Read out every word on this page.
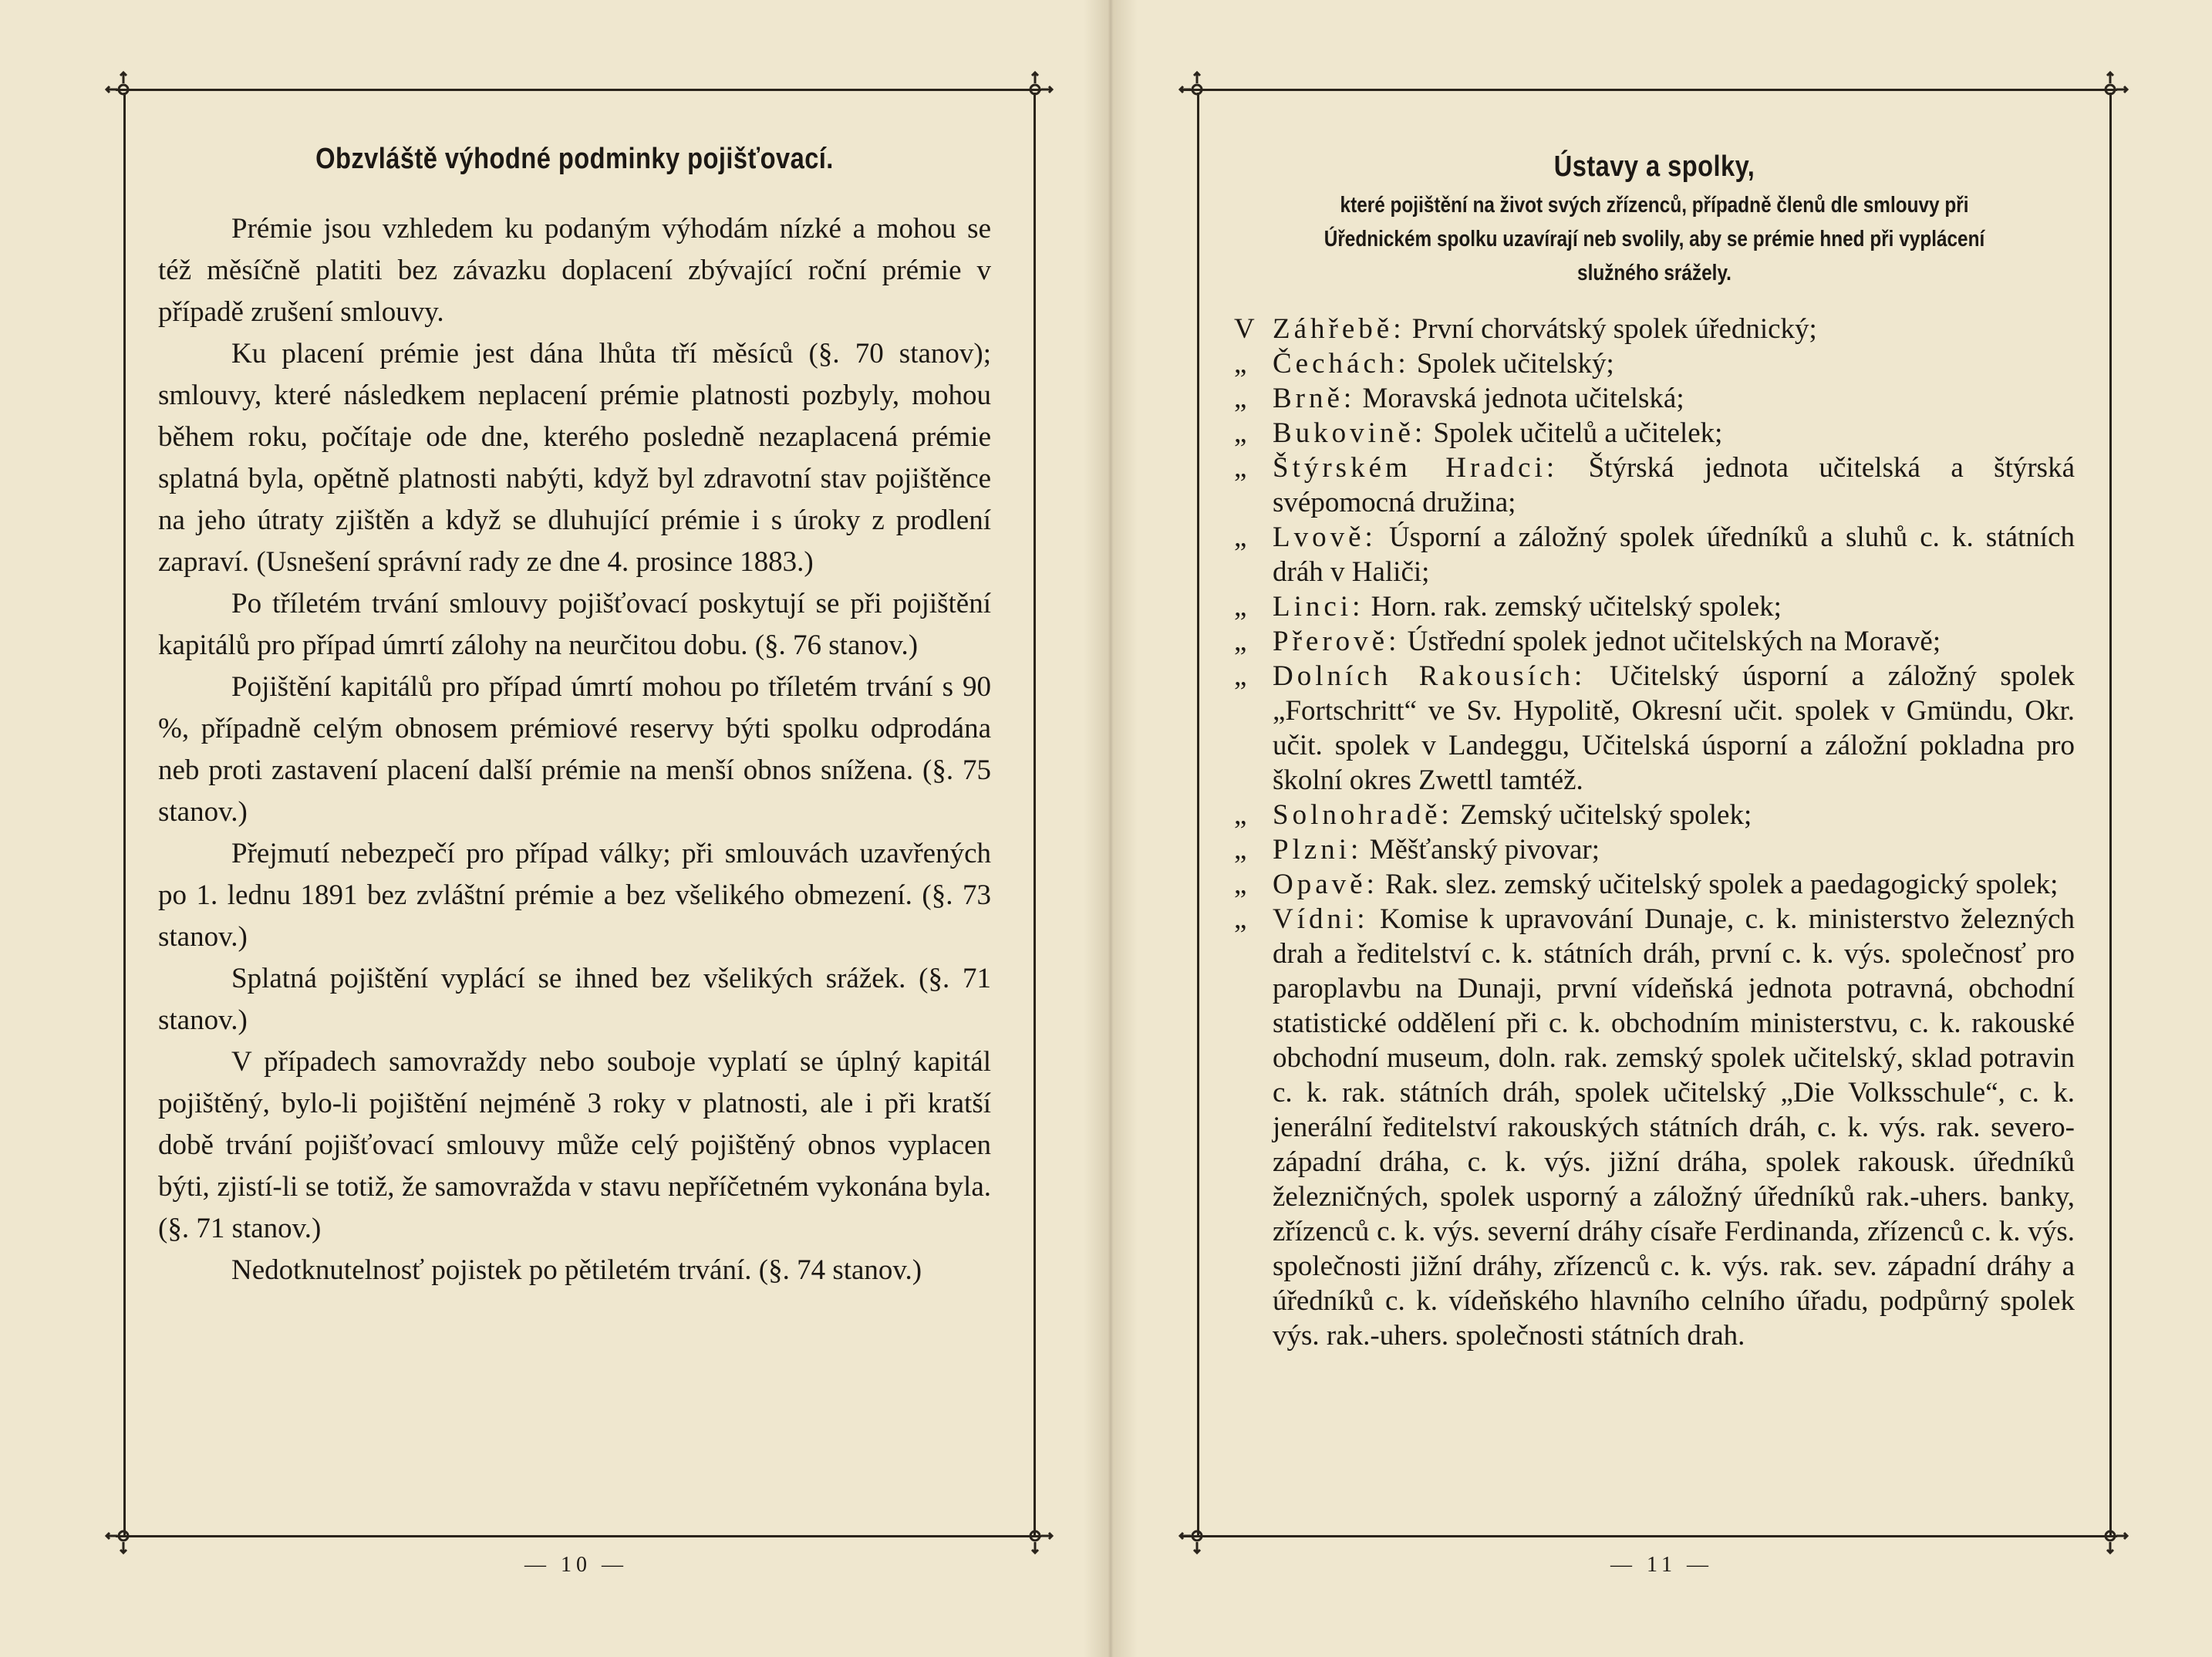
Obzvláště výhodné podminky pojišťovací.

Prémie jsou vzhledem ku podaným výhodám nízké a mohou se též měsíčně platiti bez závazku doplacení zbývající roční prémie v případě zrušení smlouvy.

Ku placení prémie jest dána lhůta tří měsíců (§. 70 stanov); smlouvy, které následkem neplacení prémie platnosti pozbyly, mohou během roku, počítaje ode dne, kterého posledně nezaplacená prémie splatná byla, opětně platnosti nabýti, když byl zdravotní stav pojištěnce na jeho útraty zjištěn a když se dluhující prémie i s úroky z prodlení zapraví. (Usnešení správní rady ze dne 4. prosince 1883.)

Po tříletém trvání smlouvy pojišťovací poskytují se při pojištění kapitálů pro případ úmrtí zálohy na neurčitou dobu. (§. 76 stanov.)

Pojištění kapitálů pro případ úmrtí mohou po tříletém trvání s 90 %, případně celým obnosem prémiové reservy býti spolku odprodána neb proti zastavení placení další prémie na menší obnos snížena. (§. 75 stanov.)

Přejmutí nebezpečí pro případ války; při smlouvách uzavřených po 1. lednu 1891 bez zvláštní prémie a bez všelikého obmezení. (§. 73 stanov.)

Splatná pojištění vyplácí se ihned bez všelikých srážek. (§. 71 stanov.)

V případech samovraždy nebo souboje vyplatí se úplný kapitál pojištěný, bylo-li pojištění nejméně 3 roky v platnosti, ale i při kratší době trvání pojišťovací smlouvy může celý pojištěný obnos vyplacen býti, zjistí-li se totiž, že samovražda v stavu nepříčetném vykonána byla. (§. 71 stanov.)

Nedotknutelnosť pojistek po pětiletém trvání. (§. 74 stanov.)

— 10 —
Ústavy a spolky,

které pojištění na život svých zřízenců, případně členů dle smlouvy při Úřednickém spolku uzavírají neb svolily, aby se prémie hned při vyplácení služného srážely.

V Záhřebě: První chorvátský spolek úřednický;
„ Čechách: Spolek učitelský;
„ Brně: Moravská jednota učitelská;
„ Bukovině: Spolek učitelů a učitelek;
„ Štýrském Hradci: Štýrská jednota učitelská a štýrská svépomocná družina;
„ Lvově: Úsporní a záložný spolek úředníků a sluhů c. k. státních dráh v Haliči;
„ Linci: Horn. rak. zemský učitelský spolek;
„ Přerově: Ústřední spolek jednot učitelských na Moravě;
„ Dolních Rakousích: Učitelský úsporní a záložný spolek „Fortschritt“ ve Sv. Hypolitě, Okresní učit. spolek v Gmündu, Okr. učit. spolek v Landeggu, Učitelská úsporní a záložní pokladna pro školní okres Zwettl tamtéž.
„ Solnohradě: Zemský učitelský spolek;
„ Plzni: Měšťanský pivovar;
„ Opavě: Rak. slez. zemský učitelský spolek a paedagogický spolek;
„ Vídni: Komise k upravování Dunaje, c. k. ministerstvo železných drah a ředitelství c. k. státních dráh, první c. k. výs. společnosť pro paroplavbu na Dunaji, první vídeňská jednota potravná, obchodní statistické oddělení při c. k. obchodním ministerstvu, c. k. rakouské obchodní museum, doln. rak. zemský spolek učitelský, sklad potravin c. k. rak. státních dráh, spolek učitelský „Die Volksschule“, c. k. jenerální ředitelství rakouských státních dráh, c. k. výs. rak. severo-západní dráha, c. k. výs. jižní dráha, spolek rakousk. úředníků železničných, spolek usporný a záložný úředníků rak.-uhers. banky, zřízenců c. k. výs. severní dráhy císaře Ferdinanda, zřízenců c. k. výs. společnosti jižní dráhy, zřízenců c. k. výs. rak. sev. západní dráhy a úředníků c. k. vídeňského hlavního celního úřadu, podpůrný spolek výs. rak.-uhers. společnosti státních drah.
— 11 —
